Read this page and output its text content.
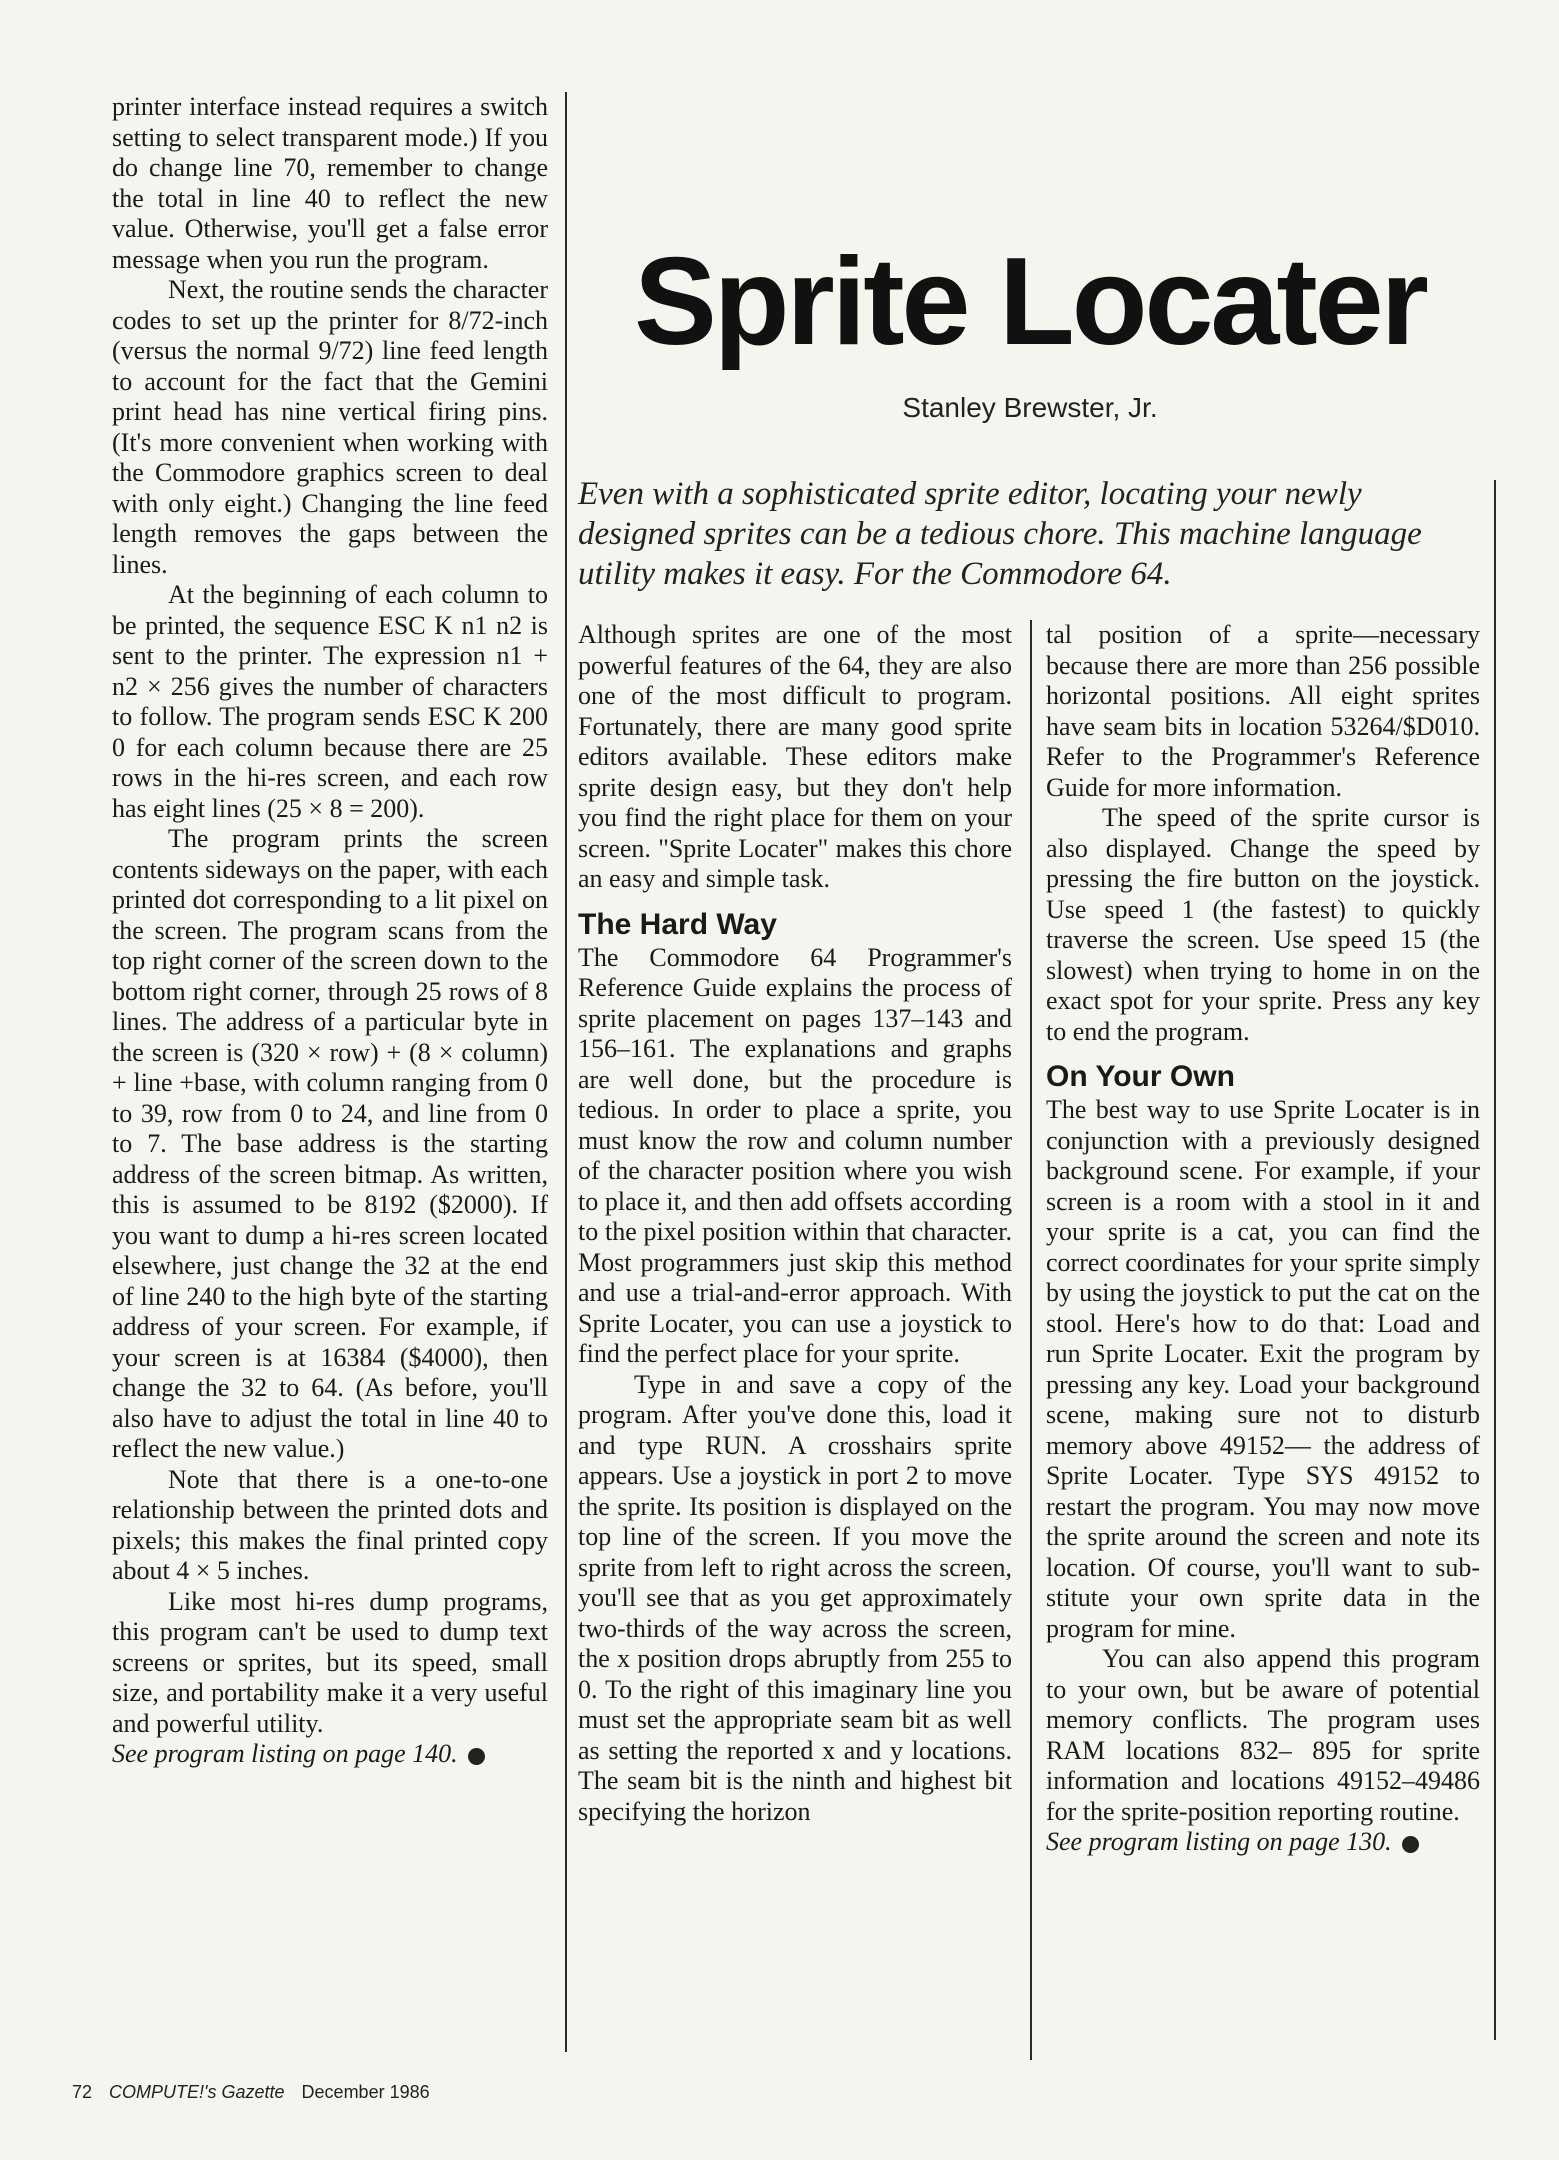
printer interface instead requires a switch setting to select transparent mode.) If you do change line 70, remember to change the total in line 40 to reflect the new value. Otherwise, you'll get a false error message when you run the program.

Next, the routine sends the character codes to set up the printer for 8/72-inch (versus the normal 9/72) line feed length to account for the fact that the Gemini print head has nine vertical firing pins. (It's more convenient when working with the Commodore graphics screen to deal with only eight.) Changing the line feed length removes the gaps between the lines.

At the beginning of each column to be printed, the sequence ESC K n1 n2 is sent to the printer. The expression n1 + n2 × 256 gives the number of characters to follow. The program sends ESC K 200 0 for each column because there are 25 rows in the hi-res screen, and each row has eight lines (25 × 8 = 200).

The program prints the screen contents sideways on the paper, with each printed dot corresponding to a lit pixel on the screen. The program scans from the top right corner of the screen down to the bottom right corner, through 25 rows of 8 lines. The address of a particular byte in the screen is (320 × row) + (8 × column) + line +base, with column ranging from 0 to 39, row from 0 to 24, and line from 0 to 7. The base address is the starting address of the screen bitmap. As written, this is assumed to be 8192 ($2000). If you want to dump a hi-res screen located elsewhere, just change the 32 at the end of line 240 to the high byte of the starting address of your screen. For example, if your screen is at 16384 ($4000), then change the 32 to 64. (As before, you'll also have to adjust the total in line 40 to reflect the new value.)

Note that there is a one-to-one relationship between the printed dots and pixels; this makes the final printed copy about 4 × 5 inches.

Like most hi-res dump programs, this program can't be used to dump text screens or sprites, but its speed, small size, and portability make it a very useful and powerful utility.

See program listing on page 140.

Sprite Locater
Stanley Brewster, Jr.
Even with a sophisticated sprite editor, locating your newly designed sprites can be a tedious chore. This machine language utility makes it easy. For the Commodore 64.

Although sprites are one of the most powerful features of the 64, they are also one of the most difficult to program. Fortunately, there are many good sprite editors available. These editors make sprite design easy, but they don't help you find the right place for them on your screen. "Sprite Locater" makes this chore an easy and simple task.

The Hard Way

The Commodore 64 Programmer's Reference Guide explains the process of sprite placement on pages 137–143 and 156–161. The explanations and graphs are well done, but the procedure is tedious. In order to place a sprite, you must know the row and column number of the character position where you wish to place it, and then add offsets according to the pixel position within that character. Most programmers just skip this method and use a trial-and-error approach. With Sprite Locater, you can use a joystick to find the perfect place for your sprite.

Type in and save a copy of the program. After you've done this, load it and type RUN. A crosshairs sprite appears. Use a joystick in port 2 to move the sprite. Its position is displayed on the top line of the screen. If you move the sprite from left to right across the screen, you'll see that as you get approximately two-thirds of the way across the screen, the x position drops abruptly from 255 to 0. To the right of this imaginary line you must set the appropriate seam bit as well as setting the reported x and y locations. The seam bit is the ninth and highest bit specifying the horizon

tal position of a sprite—necessary because there are more than 256 possible horizontal positions. All eight sprites have seam bits in location 53264/$D010. Refer to the Programmer's Reference Guide for more information.

The speed of the sprite cursor is also displayed. Change the speed by pressing the fire button on the joystick. Use speed 1 (the fastest) to quickly traverse the screen. Use speed 15 (the slowest) when trying to home in on the exact spot for your sprite. Press any key to end the program.

On Your Own

The best way to use Sprite Locater is in conjunction with a previously designed background scene. For example, if your screen is a room with a stool in it and your sprite is a cat, you can find the correct coordinates for your sprite simply by using the joystick to put the cat on the stool. Here's how to do that: Load and run Sprite Locater. Exit the program by pressing any key. Load your background scene, making sure not to disturb memory above 49152— the address of Sprite Locater. Type SYS 49152 to restart the program. You may now move the sprite around the screen and note its location. Of course, you'll want to substitute your own sprite data in the program for mine.

You can also append this program to your own, but be aware of potential memory conflicts. The program uses RAM locations 832– 895 for sprite information and locations 49152–49486 for the sprite-position reporting routine.

See program listing on page 130.

72 COMPUTE!'s Gazette December 1986
